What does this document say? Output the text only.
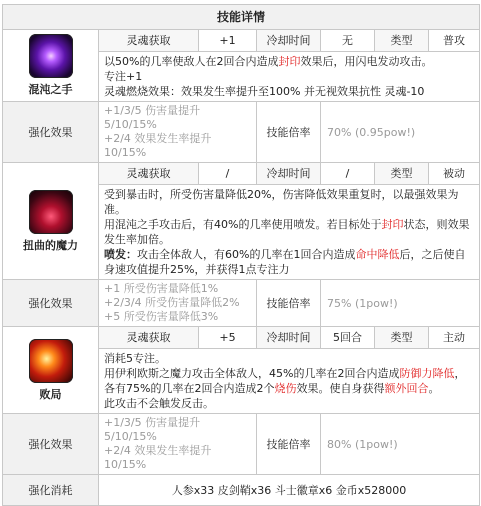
技能详情						

混沌之手	灵魂获取	+1	冷却时间	无	类型	普攻

	以50%的几率使敌人在2回合内造成封印效果后，用闪电发动攻击。
专注+1
灵魂燃烧效果：效果发生率提升至100% 并无视效果抗性 灵魂-10					

强化效果	+1/3/5 伤害量提升5/10/15%
+2/4 效果发生率提升10/15%		技能倍率	70% (0.95pow!)		

扭曲的魔力	灵魂获取	/	冷却时间	/	类型	被动

	受到暴击时，所受伤害量降低20%，伤害降低效果重复时，以最强效果为准。
用混沌之手攻击后，有40%的几率使用喷发。若目标处于封印状态，则效果发生率加倍。
喷发：攻击全体敌人，有60%的几率在1回合内造成命中降低后，之后使自身速攻值提升25%，并获得1点专注力					

强化效果	+1 所受伤害量降低1%
+2/3/4 所受伤害量降低2%
+5 所受伤害量降低3%		技能倍率	75% (1pow!)		

败局	灵魂获取	+5	冷却时间	5回合	类型	主动

	消耗5专注。
用伊利欧斯之魔力攻击全体敌人，45%的几率在2回合内造成防御力降低，
各有75%的几率在2回合内造成2个烧伤效果。使自身获得额外回合。
此攻击不会触发反击。					

强化效果	+1/3/5 伤害量提升5/10/15%
+2/4 效果发生率提升10/15%		技能倍率	80% (1pow!)		
强化消耗	人参x33 皮剑鞘x36 斗士徽章x6 金币x528000					
